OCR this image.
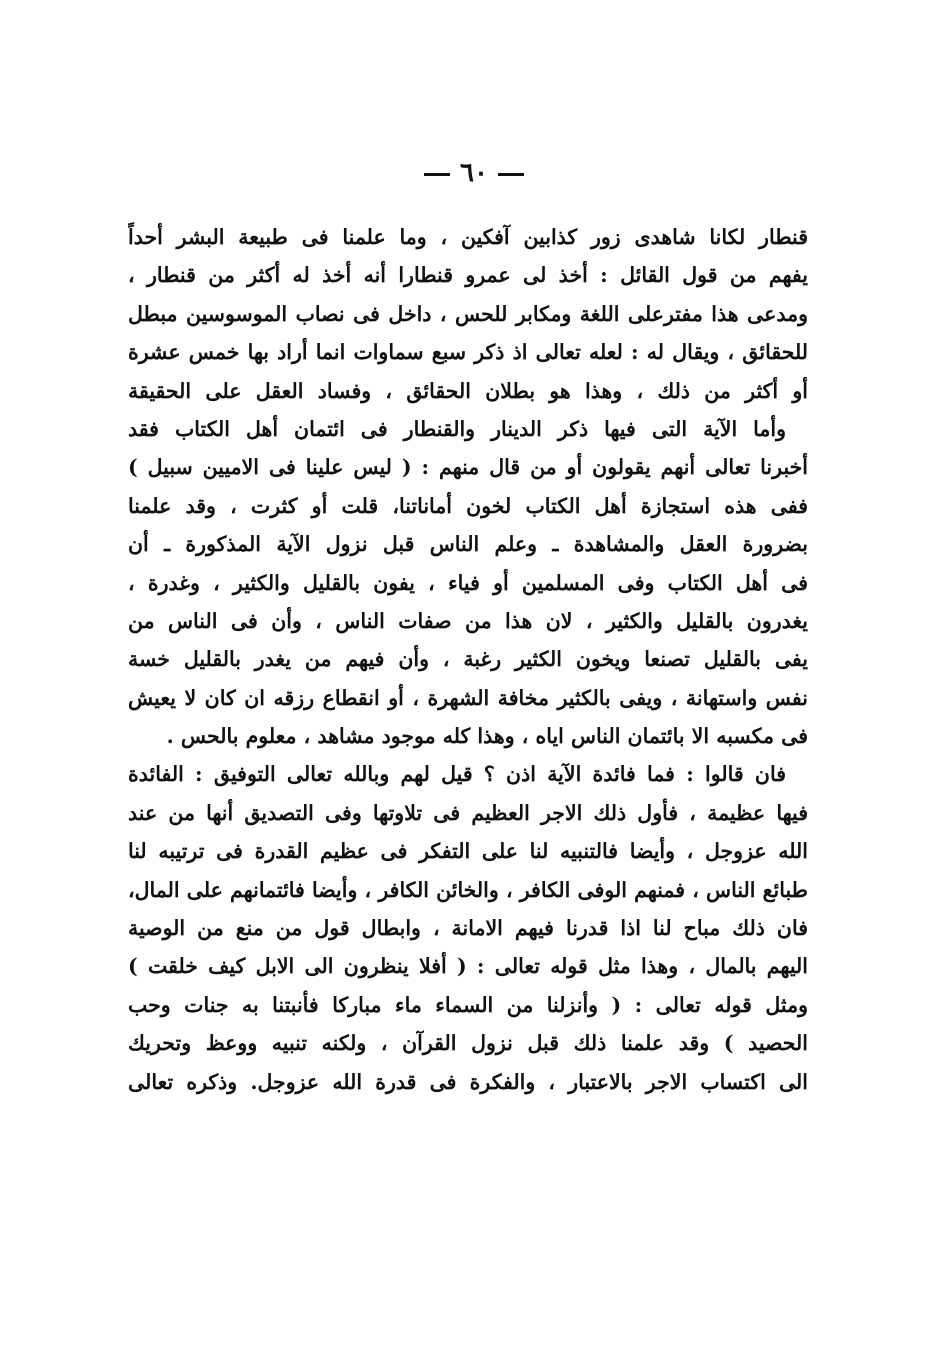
٦٠
قنطار لكانا شاهدى زور كذابين آفكين ، وما علمنا فى طبيعة البشر أحداً
يفهم من قول القائل : أخذ لى عمرو قنطارا أنه أخذ له أكثر من قنطار ،
ومدعى هذا مفترعلى اللغة ومكابر للحس ، داخل فى نصاب الموسوسين مبطل
للحقائق ، ويقال له : لعله تعالى اذ ذكر سبع سماوات انما أراد بها خمس عشرة
أو أكثر من ذلك ، وهذا هو بطلان الحقائق ، وفساد العقل على الحقيقة
وأما الآية التى فيها ذكر الدينار والقنطار فى ائتمان أهل الكتاب فقد
أخبرنا تعالى أنهم يقولون أو من قال منهم : ( ليس علينا فى الاميين سبيل )
ففى هذه استجازة أهل الكتاب لخون أماناتنا، قلت أو كثرت ، وقد علمنا
بضرورة العقل والمشاهدة ـ وعلم الناس قبل نزول الآية المذكورة ـ أن
فى أهل الكتاب وفى المسلمين أو فياء ، يفون بالقليل والكثير ، وغدرة ،
يغدرون بالقليل والكثير ، لان هذا من صفات الناس ، وأن فى الناس من
يفى بالقليل تصنعا ويخون الكثير رغبة ، وأن فيهم من يغدر بالقليل خسة
نفس واستهانة ، ويفى بالكثير مخافة الشهرة ، أو انقطاع رزقه ان كان لا يعيش
فى مكسبه الا بائتمان الناس اياه ، وهذا كله موجود مشاهد ، معلوم بالحس .
فان قالوا : فما فائدة الآية اذن ؟ قيل لهم وبالله تعالى التوفيق : الفائدة
فيها عظيمة ، فأول ذلك الاجر العظيم فى تلاوتها وفى التصديق أنها من عند
الله عزوجل ، وأيضا فالتنبيه لنا على التفكر فى عظيم القدرة فى ترتيبه لنا
طبائع الناس ، فمنهم الوفى الكافر ، والخائن الكافر ، وأيضا فائتمانهم على المال،
فان ذلك مباح لنا اذا قدرنا فيهم الامانة ، وابطال قول من منع من الوصية
اليهم بالمال ، وهذا مثل قوله تعالى : ( أفلا ينظرون الى الابل كيف خلقت )
ومثل قوله تعالى : ( وأنزلنا من السماء ماء مباركا فأنبتنا به جنات وحب
الحصيد ) وقد علمنا ذلك قبل نزول القرآن ، ولكنه تنبيه ووعظ وتحريك
الى اكتساب الاجر بالاعتبار ، والفكرة فى قدرة الله عزوجل. وذكره تعالى
